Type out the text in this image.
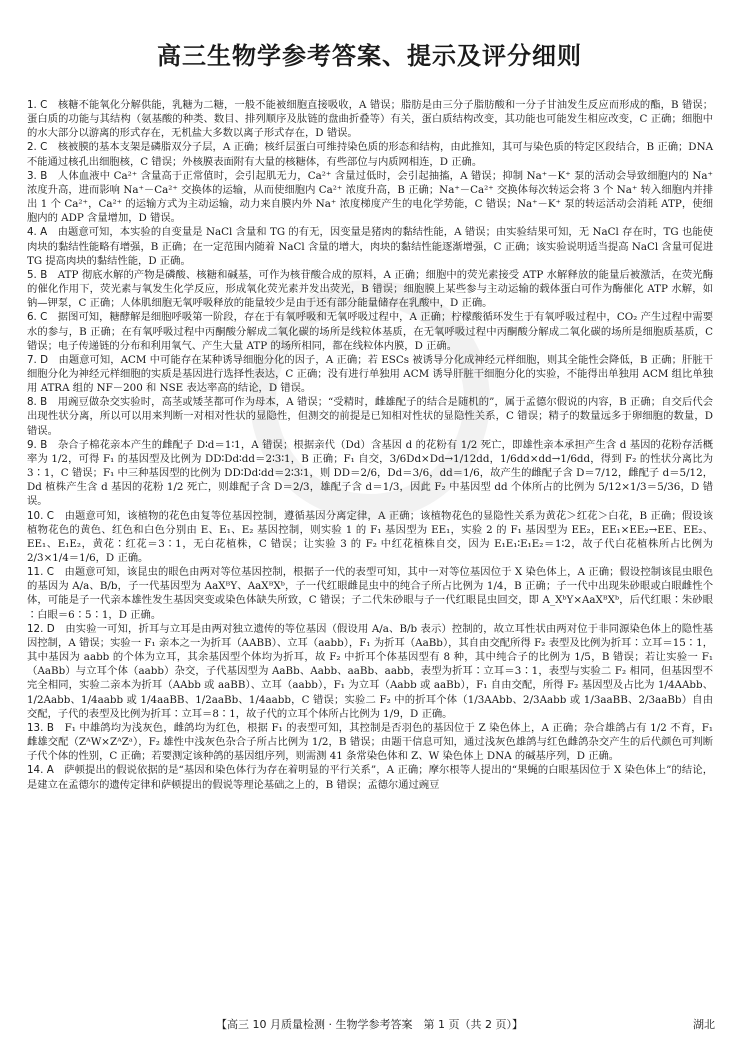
高三生物学参考答案、提示及评分细则

1. C　 核糖不能氧化分解供能，乳糖为二糖，一般不能被细胞直接吸收，A 错误；脂肪是由三分子脂肪酸和一分子甘油发生反应而形成的酯，B 错误；蛋白质的功能与其结构（氨基酸的种类、数目、排列顺序及肽链的盘曲折叠等）有关，蛋白质结构改变，其功能也可能发生相应改变，C 正确；细胞中的水大部分以游离的形式存在，无机盐大多数以离子形式存在，D 错误。

2. C　 核被膜的基本支架是磷脂双分子层，A 正确；核纤层蛋白可维持染色质的形态和结构，由此推知，其可与染色质的特定区段结合，B 正确；DNA 不能通过核孔出细胞核，C 错误；外核膜表面附有大量的核糖体，有些部位与内质网相连，D 正确。

3. B　 人体血液中 Ca²⁺ 含量高于正常值时，会引起肌无力，Ca²⁺ 含量过低时，会引起抽搐，A 错误；抑制 Na⁺－K⁺ 泵的活动会导致细胞内的 Na⁺ 浓度升高，进而影响 Na⁺－Ca²⁺ 交换体的运输，从而使细胞内 Ca²⁺ 浓度升高，B 正确；Na⁺－Ca²⁺ 交换体每次转运会将 3 个 Na⁺ 转入细胞内并排出 1 个 Ca²⁺，Ca²⁺ 的运输方式为主动运输，动力来自膜内外 Na⁺ 浓度梯度产生的电化学势能，C 错误；Na⁺－K⁺ 泵的转运活动会消耗 ATP，使细胞内的 ADP 含量增加，D 错误。

4. A　 由题意可知，本实验的自变量是 NaCl 含量和 TG 的有无，因变量是猪肉的黏结性能，A 错误；由实验结果可知，无 NaCl 存在时，TG 也能使肉块的黏结性能略有增强，B 正确；在一定范围内随着 NaCl 含量的增大，肉块的黏结性能逐渐增强，C 正确；该实验说明适当提高 NaCl 含量可促进 TG 提高肉块的黏结性能，D 正确。

5. B　 ATP 彻底水解的产物是磷酸、核糖和碱基，可作为核苷酸合成的原料，A 正确；细胞中的荧光素接受 ATP 水解释放的能量后被激活，在荧光酶的催化作用下，荧光素与氧发生化学反应，形成氧化荧光素并发出荧光，B 错误；细胞膜上某些参与主动运输的载体蛋白可作为酶催化 ATP 水解，如钠—钾泵，C 正确；人体肌细胞无氧呼吸释放的能量较少是由于还有部分能量储存在乳酸中，D 正确。

6. C　 据图可知，糖酵解是细胞呼吸第一阶段，存在于有氧呼吸和无氧呼吸过程中，A 正确；柠檬酸循环发生于有氧呼吸过程中，CO₂ 产生过程中需要水的参与，B 正确；在有氧呼吸过程中丙酮酸分解成二氧化碳的场所是线粒体基质，在无氧呼吸过程中丙酮酸分解成二氧化碳的场所是细胞质基质，C 错误；电子传递链的分布和利用氧气、产生大量 ATP 的场所相同，都在线粒体内膜，D 正确。

7. D　 由题意可知，ACM 中可能存在某种诱导细胞分化的因子，A 正确；若 ESCs 被诱导分化成神经元样细胞，则其全能性会降低，B 正确；肝脏干细胞分化为神经元样细胞的实质是基因进行选择性表达，C 正确；没有进行单独用 ACM 诱导肝脏干细胞分化的实验，不能得出单独用 ACM 组比单独用 ATRA 组的 NF－200 和 NSE 表达率高的结论，D 错误。

8. B　 用豌豆做杂交实验时，高茎或矮茎都可作为母本，A 错误；“受精时，雌雄配子的结合是随机的”，属于孟德尔假说的内容，B 正确；自交后代会出现性状分离，所以可以用来判断一对相对性状的显隐性，但测交的前提是已知相对性状的显隐性关系，C 错误；精子的数量远多于卵细胞的数量，D 错误。

9. B　 杂合子棉花亲本产生的雌配子 D∶d＝1∶1，A 错误；根据亲代（Dd）含基因 d 的花粉有 1/2 死亡，即雄性亲本承担产生含 d 基因的花粉存活概率为 1/2，可得 F₁ 的基因型及比例为 DD∶Dd∶dd＝2∶3∶1，B 正确；F₁ 自交，3/6Dd×Dd→1/12dd，1/6dd×dd→1/6dd，得到 F₂ 的性状分离比为 3∶1，C 错误；F₁ 中三种基因型的比例为 DD∶Dd∶dd＝2∶3∶1，则 DD＝2/6，Dd＝3/6，dd＝1/6，故产生的雌配子含 D＝7/12，雌配子 d＝5/12，Dd 植株产生含 d 基因的花粉 1/2 死亡，则雄配子含 D＝2/3，雄配子含 d＝1/3，因此 F₂ 中基因型 dd 个体所占的比例为 5/12×1/3＝5/36，D 错误。

10. C　 由题意可知，该植物的花色由复等位基因控制，遵循基因分离定律，A 正确；该植物花色的显隐性关系为黄花＞红花＞白花，B 正确；假设该植物花色的黄色、红色和白色分别由 E、E₁、E₂ 基因控制，则实验 1 的 F₁ 基因型为 EE₁，实验 2 的 F₁ 基因型为 EE₂，EE₁×EE₂→EE、EE₂、EE₁、E₁E₂，黄花∶红花＝3∶1，无白花植株，C 错误；让实验 3 的 F₂ 中红花植株自交，因为 E₁E₁∶E₁E₂＝1∶2，故子代白花植株所占比例为 2/3×1/4＝1/6，D 正确。

11. C　 由题意可知，该昆虫的眼色由两对等位基因控制，根据子一代的表型可知，其中一对等位基因位于 X 染色体上，A 正确；假设控制该昆虫眼色的基因为 A/a、B/b，子一代基因型为 AaXᴮY、AaXᴮXᵇ，子一代红眼雌昆虫中的纯合子所占比例为 1/4，B 正确；子一代中出现朱砂眼或白眼雌性个体，可能是子一代亲本雄性发生基因突变或染色体缺失所致，C 错误；子二代朱砂眼与子一代红眼昆虫回交，即 A_XᵇY×AaXᴮXᵇ，后代红眼∶朱砂眼∶白眼＝6∶5∶1，D 正确。

12. D　 由实验一可知，折耳与立耳是由两对独立遗传的等位基因（假设用 A/a、B/b 表示）控制的，故立耳性状由两对位于非同源染色体上的隐性基因控制，A 错误；实验一 F₁ 亲本之一为折耳（AABB）、立耳（aabb），F₁ 为折耳（AaBb），其自由交配所得 F₂ 表型及比例为折耳∶立耳＝15∶1，其中基因为 aabb 的个体为立耳，其余基因型个体均为折耳，故 F₂ 中折耳个体基因型有 8 种，其中纯合子的比例为 1/5，B 错误；若让实验一 F₁（AaBb）与立耳个体（aabb）杂交，子代基因型为 AaBb、Aabb、aaBb、aabb，表型为折耳∶立耳＝3∶1，表型与实验二 F₂ 相同，但基因型不完全相同，实验二亲本为折耳（AAbb 或 aaBB）、立耳（aabb），F₁ 为立耳（Aabb 或 aaBb），F₁ 自由交配，所得 F₂ 基因型及占比为 1/4AAbb、1/2Aabb、1/4aabb 或 1/4aaBB、1/2aaBb、1/4aabb，C 错误；实验二 F₂ 中的折耳个体（1/3AAbb、2/3Aabb 或 1/3aaBB、2/3aaBb）自由交配，子代的表型及比例为折耳∶立耳＝8∶1，故子代的立耳个体所占比例为 1/9，D 正确。

13. B　 F₁ 中雄鸽均为浅灰色，雌鸽均为红色，根据 F₁ 的表型可知，其控制是否羽色的基因位于 Z 染色体上，A 正确；杂合雄鸽占有 1/2 不育，F₁ 雌雄交配（ZᴬW×ZᴬZᵃ），F₂ 雄性中浅灰色杂合子所占比例为 1/2，B 错误；由题干信息可知，通过浅灰色雄鸽与红色雌鸽杂交产生的后代颜色可判断子代个体的性别，C 正确；若要测定该种鸽的基因组序列，则需测 41 条常染色体和 Z、W 染色体上 DNA 的碱基序列，D 正确。

14. A　 萨顿提出的假说依据的是“基因和染色体行为存在着明显的平行关系”，A 正确；摩尔根等人提出的“果蝇的白眼基因位于 X 染色体上”的结论，是建立在孟德尔的遗传定律和萨顿提出的假说等理论基础之上的，B 错误；孟德尔通过豌豆

【高三 10 月质量检测 · 生物学参考答案　第 1 页（共 2 页）】	湖北
